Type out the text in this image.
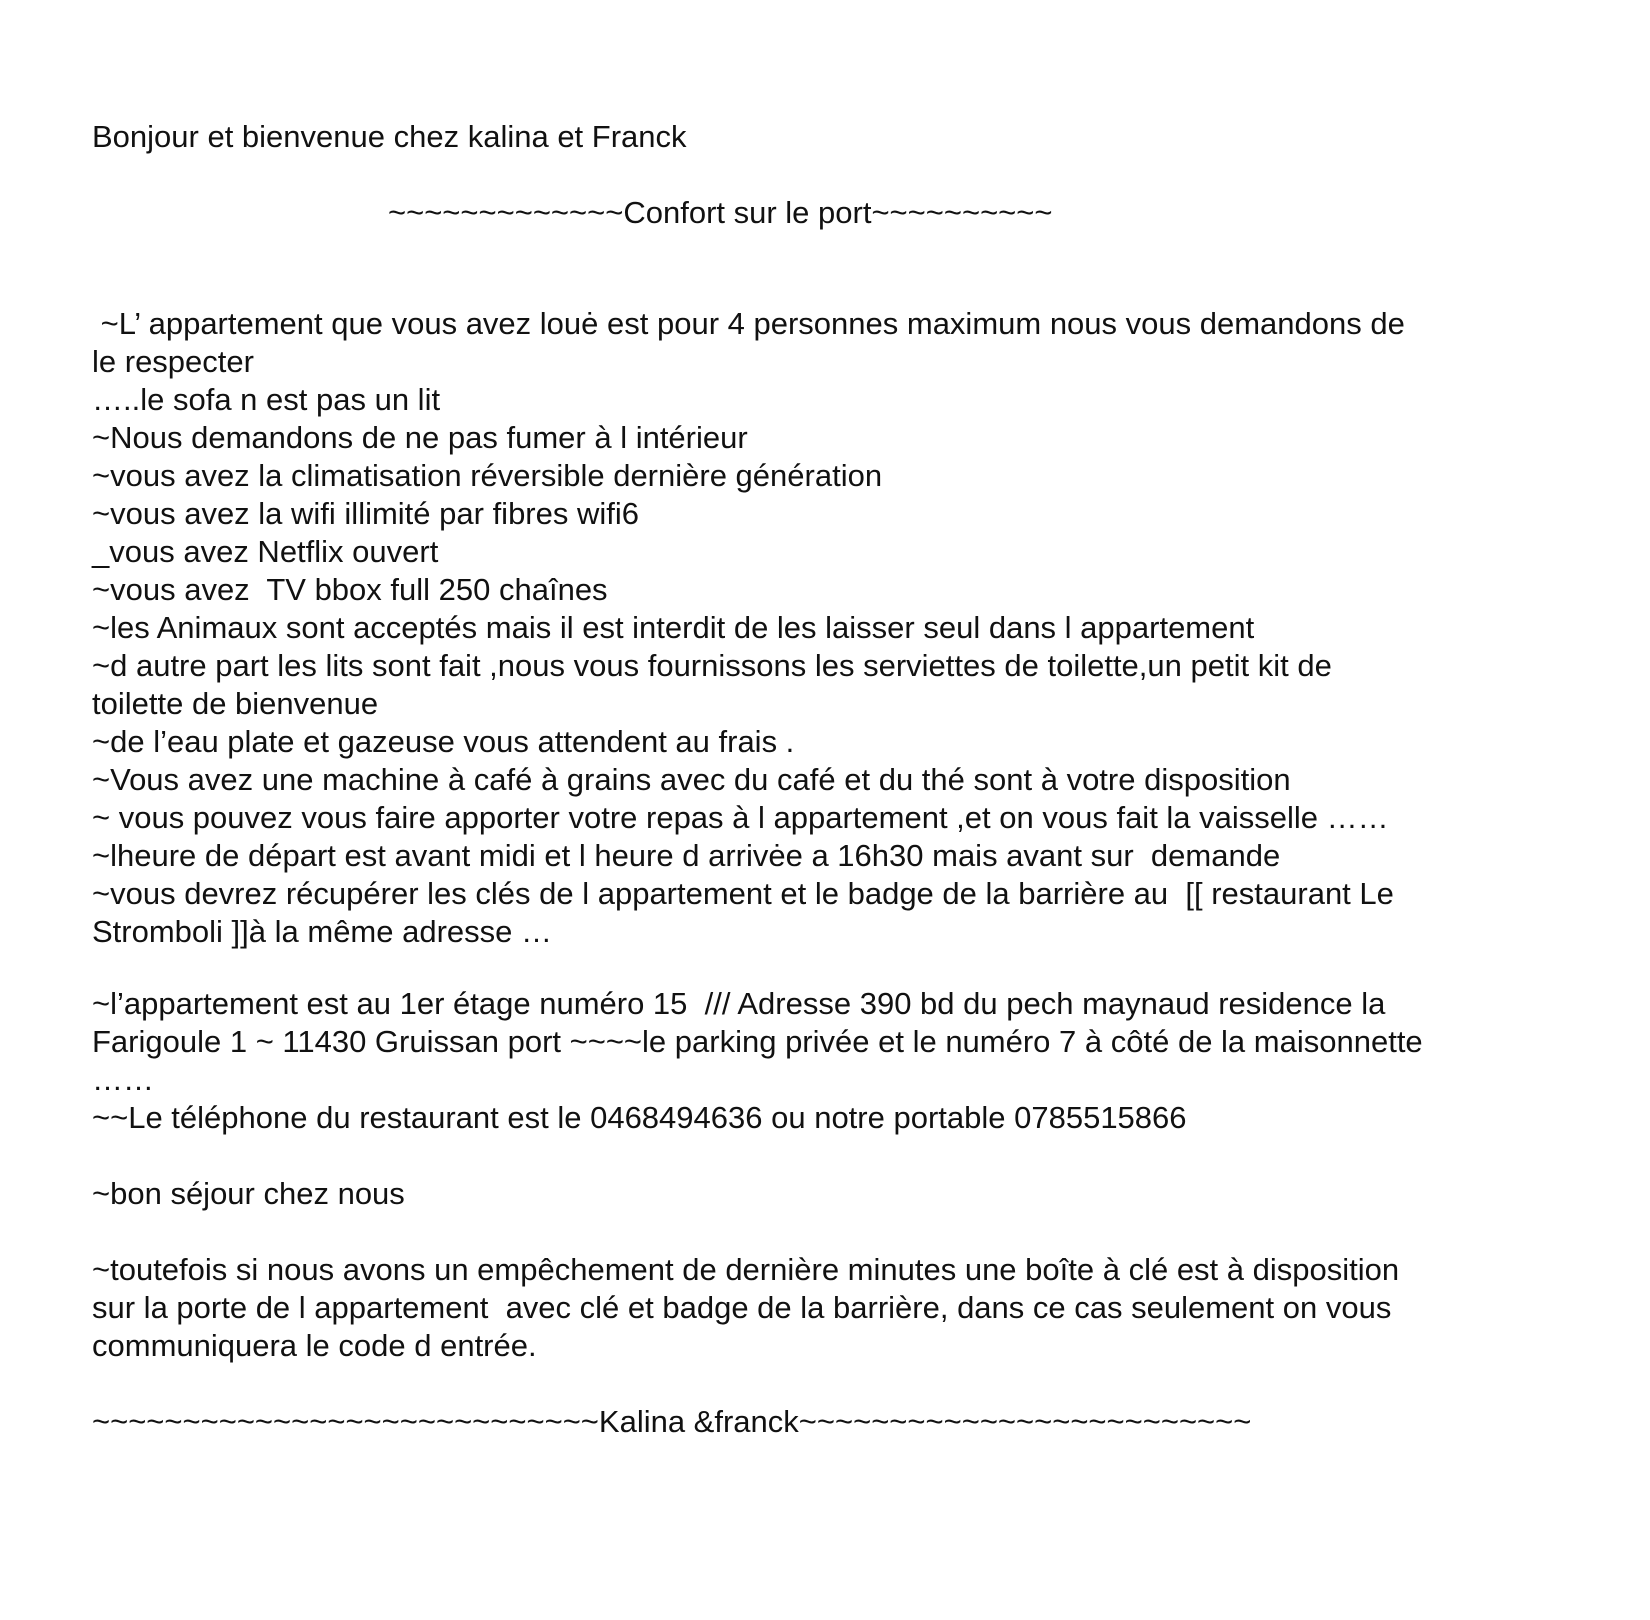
Bonjour et bienvenue chez kalina et Franck
~~~~~~~~~~~~~Confort sur le port~~~~~~~~~~
~L’ appartement que vous avez louė est pour 4 personnes maximum nous vous demandons de
le respecter
…..le sofa n est pas un lit
~Nous demandons de ne pas fumer à l intérieur
~vous avez la climatisation réversible dernière génération
~vous avez la wifi illimité par fibres wifi6
_vous avez Netflix ouvert
~vous avez  TV bbox full 250 chaînes
~les Animaux sont acceptés mais il est interdit de les laisser seul dans l appartement
~d autre part les lits sont fait ,nous vous fournissons les serviettes de toilette,un petit kit de
toilette de bienvenue
~de l’eau plate et gazeuse vous attendent au frais .
~Vous avez une machine à café à grains avec du café et du thé sont à votre disposition
~ vous pouvez vous faire apporter votre repas à l appartement ,et on vous fait la vaisselle ……
~lheure de départ est avant midi et l heure d arrivėe a 16h30 mais avant sur  demande
~vous devrez récupérer les clés de l appartement et le badge de la barrière au  [[ restaurant Le
Stromboli ]]à la même adresse …
~l’appartement est au 1er étage numéro 15  /// Adresse 390 bd du pech maynaud residence la
Farigoule 1 ~ 11430 Gruissan port ~~~~le parking privée et le numéro 7 à côté de la maisonnette
……
~~Le téléphone du restaurant est le 0468494636 ou notre portable 0785515866
~bon séjour chez nous
~toutefois si nous avons un empêchement de dernière minutes une boîte à clé est à disposition
sur la porte de l appartement  avec clé et badge de la barrière, dans ce cas seulement on vous
communiquera le code d entrée.
~~~~~~~~~~~~~~~~~~~~~~~~~~~~Kalina &franck~~~~~~~~~~~~~~~~~~~~~~~~~
